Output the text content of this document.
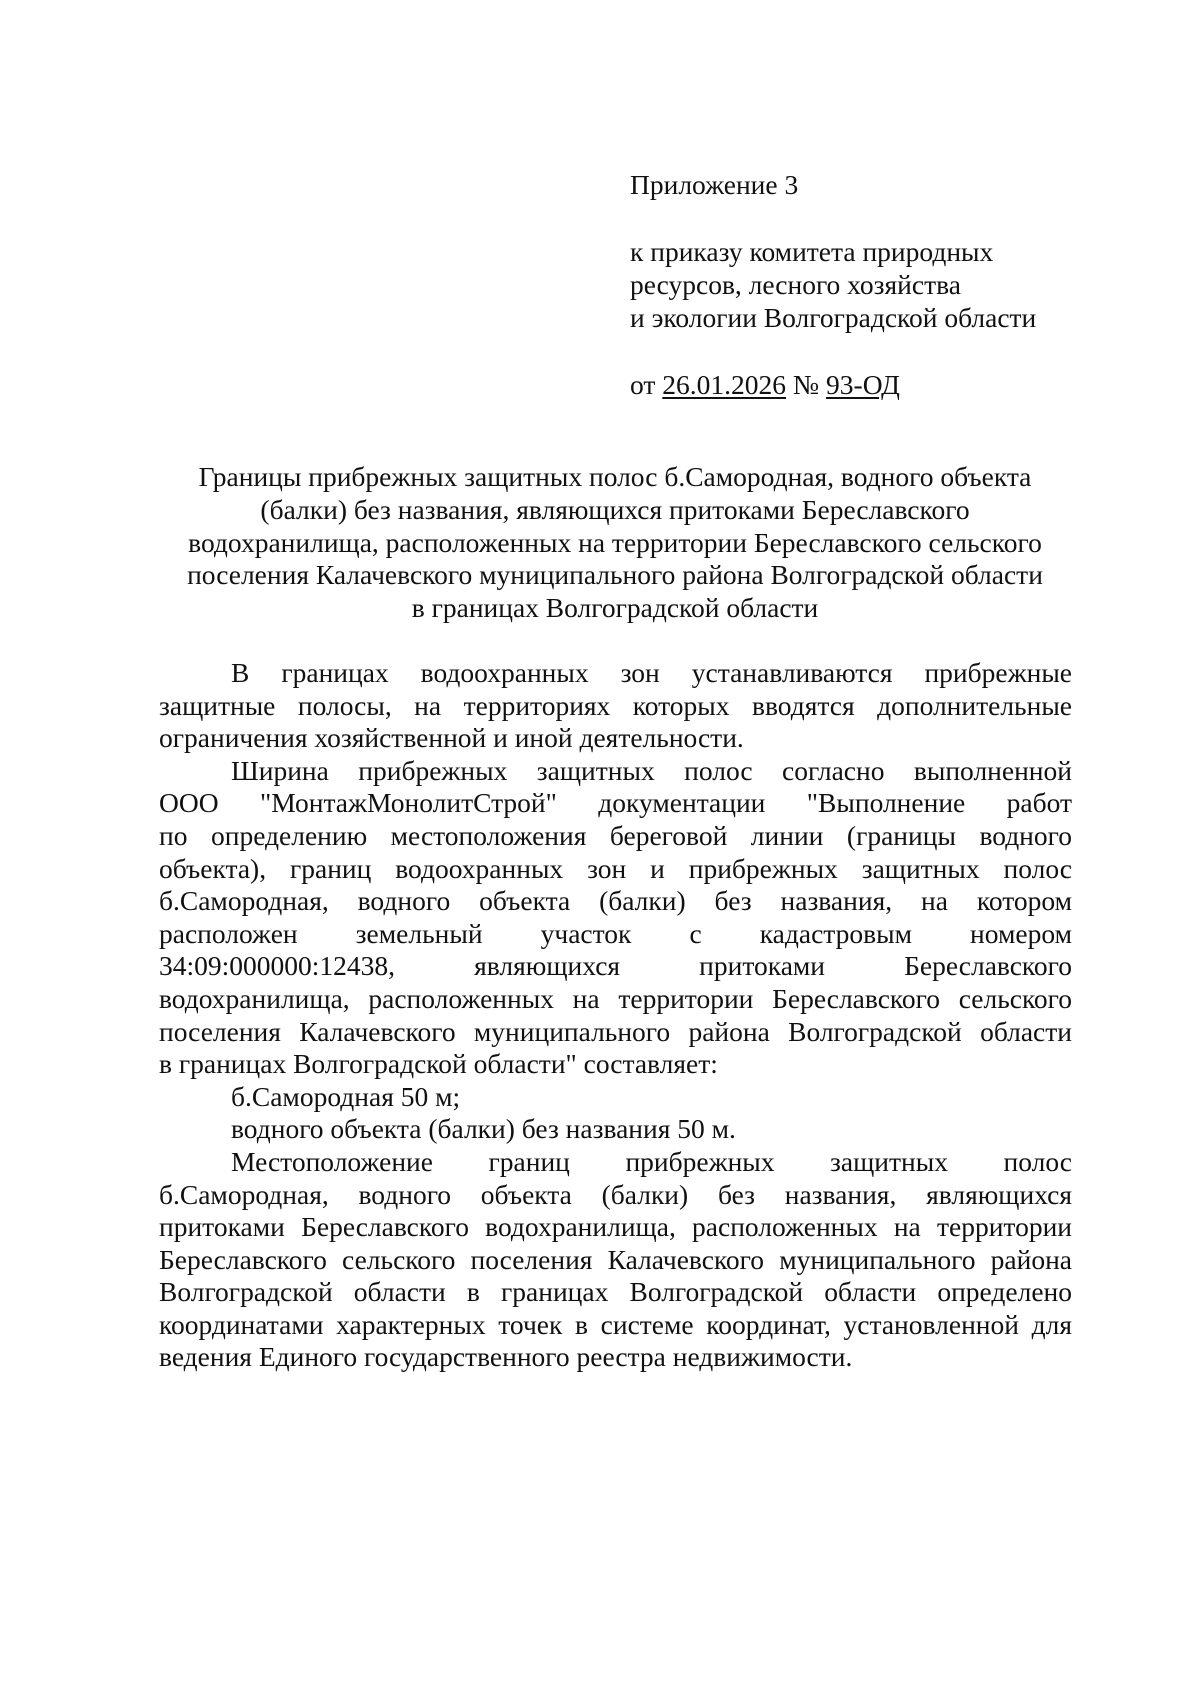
Приложение 3

к приказу комитета природных

ресурсов, лесного хозяйства

и экологии Волгоградской области

от 26.01.2026 № 93-ОД

Границы прибрежных защитных полос б.Самородная, водного объекта
(балки) без названия, являющихся притоками Береславского
водохранилища, расположенных на территории Береславского сельского
поселения Калачевского муниципального района Волгоградской области
в границах Волгоградской области
В границах водоохранных зон устанавливаются прибрежные
защитные полосы, на территориях которых вводятся дополнительные
ограничения хозяйственной и иной деятельности.
Ширина прибрежных защитных полос согласно выполненной
ООО "МонтажМонолитСтрой" документации "Выполнение работ
по определению местоположения береговой линии (границы водного
объекта), границ водоохранных зон и прибрежных защитных полос
б.Самородная, водного объекта (балки) без названия, на котором
расположен земельный участок с кадастровым номером
34:09:000000:12438, являющихся притоками Береславского
водохранилища, расположенных на территории Береславского сельского
поселения Калачевского муниципального района Волгоградской области
в границах Волгоградской области" составляет:
б.Самородная 50 м;
водного объекта (балки) без названия 50 м.
Местоположение границ прибрежных защитных полос
б.Самородная, водного объекта (балки) без названия, являющихся
притоками Береславского водохранилища, расположенных на территории
Береславского сельского поселения Калачевского муниципального района
Волгоградской области в границах Волгоградской области определено
координатами характерных точек в системе координат, установленной для
ведения Единого государственного реестра недвижимости.
